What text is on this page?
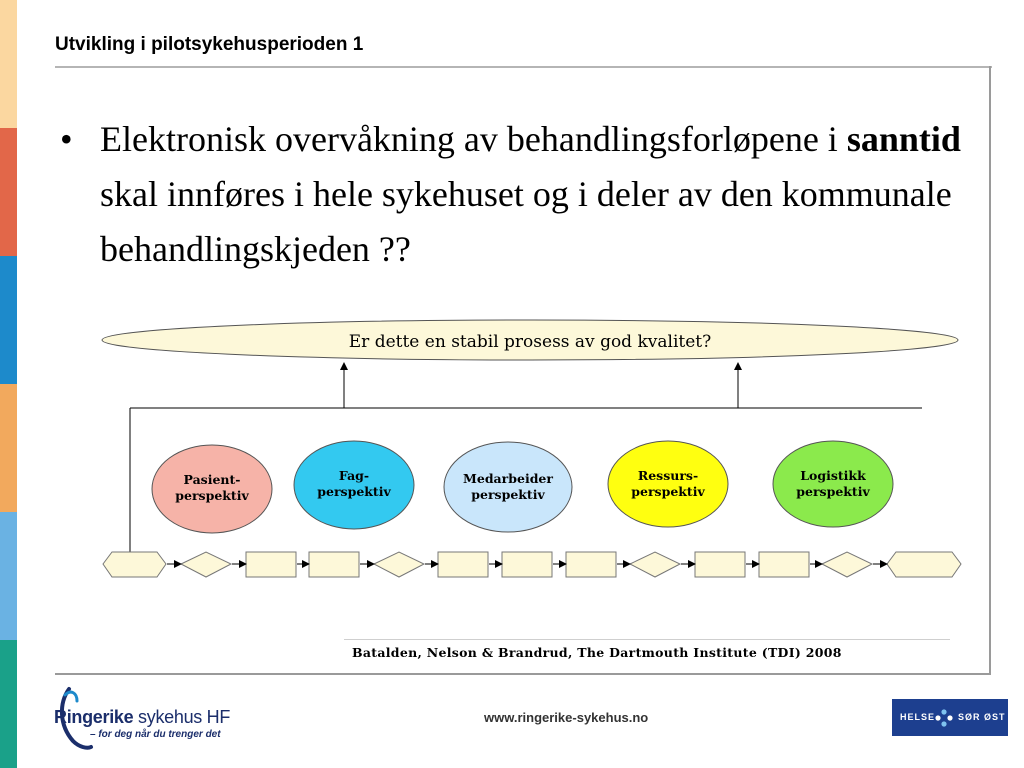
Utvikling i pilotsykehusperioden 1
• Elektronisk overvåkning av behandlingsforløpene i sanntid skal innføres i hele sykehuset og i deler av den kommunale behandlingskjeden ??
Er dette en stabil prosess av god kvalitet?
Pasient-
perspektiv
Fag-
perspektiv
Medarbeider
perspektiv
Ressurs-
perspektiv
Logistikk
perspektiv
Batalden, Nelson & Brandrud, The Dartmouth Institute (TDI) 2008
Ringerike sykehus HF
– for deg når du trenger det
www.ringerike-sykehus.no	HELSE	SØR ØST
